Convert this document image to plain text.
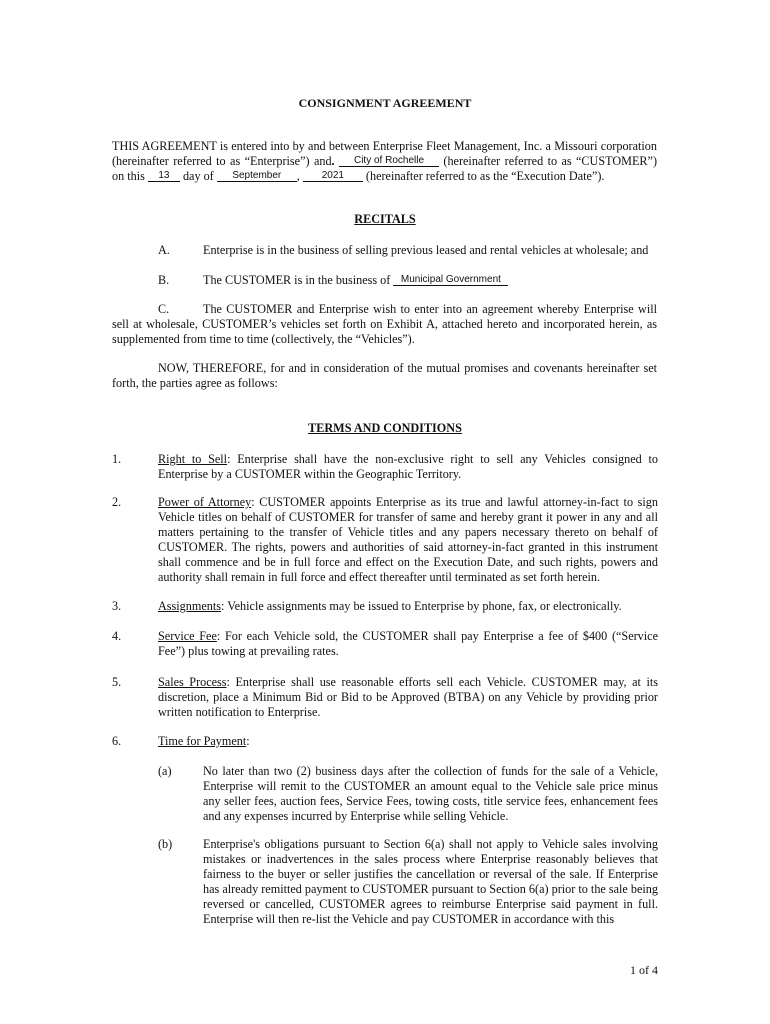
CONSIGNMENT AGREEMENT
THIS AGREEMENT is entered into by and between Enterprise Fleet Management, Inc. a Missouri corporation (hereinafter referred to as “Enterprise”) and. City of Rochelle (hereinafter referred to as “CUSTOMER”) on this 13 day of September , 2021 (hereinafter referred to as the “Execution Date”).
RECITALS
A.	Enterprise is in the business of selling previous leased and rental vehicles at wholesale; and
B.	The CUSTOMER is in the business of Municipal Government
C.	The CUSTOMER and Enterprise wish to enter into an agreement whereby Enterprise will sell at wholesale, CUSTOMER’s vehicles set forth on Exhibit A, attached hereto and incorporated herein, as supplemented from time to time (collectively, the “Vehicles”).
NOW, THEREFORE, for and in consideration of the mutual promises and covenants hereinafter set forth, the parties agree as follows:
TERMS AND CONDITIONS
1.	Right to Sell: Enterprise shall have the non-exclusive right to sell any Vehicles consigned to Enterprise by a CUSTOMER within the Geographic Territory.
2.	Power of Attorney: CUSTOMER appoints Enterprise as its true and lawful attorney-in-fact to sign Vehicle titles on behalf of CUSTOMER for transfer of same and hereby grant it power in any and all matters pertaining to the transfer of Vehicle titles and any papers necessary thereto on behalf of CUSTOMER. The rights, powers and authorities of said attorney-in-fact granted in this instrument shall commence and be in full force and effect on the Execution Date, and such rights, powers and authority shall remain in full force and effect thereafter until terminated as set forth herein.
3.	Assignments: Vehicle assignments may be issued to Enterprise by phone, fax, or electronically.
4.	Service Fee: For each Vehicle sold, the CUSTOMER shall pay Enterprise a fee of $400 (“Service Fee”) plus towing at prevailing rates.
5.	Sales Process: Enterprise shall use reasonable efforts sell each Vehicle. CUSTOMER may, at its discretion, place a Minimum Bid or Bid to be Approved (BTBA) on any Vehicle by providing prior written notification to Enterprise.
6.	Time for Payment:
(a)	No later than two (2) business days after the collection of funds for the sale of a Vehicle, Enterprise will remit to the CUSTOMER an amount equal to the Vehicle sale price minus any seller fees, auction fees, Service Fees, towing costs, title service fees, enhancement fees and any expenses incurred by Enterprise while selling Vehicle.
(b)	Enterprise's obligations pursuant to Section 6(a) shall not apply to Vehicle sales involving mistakes or inadvertences in the sales process where Enterprise reasonably believes that fairness to the buyer or seller justifies the cancellation or reversal of the sale. If Enterprise has already remitted payment to CUSTOMER pursuant to Section 6(a) prior to the sale being reversed or cancelled, CUSTOMER agrees to reimburse Enterprise said payment in full. Enterprise will then re-list the Vehicle and pay CUSTOMER in accordance with this
1 of 4
